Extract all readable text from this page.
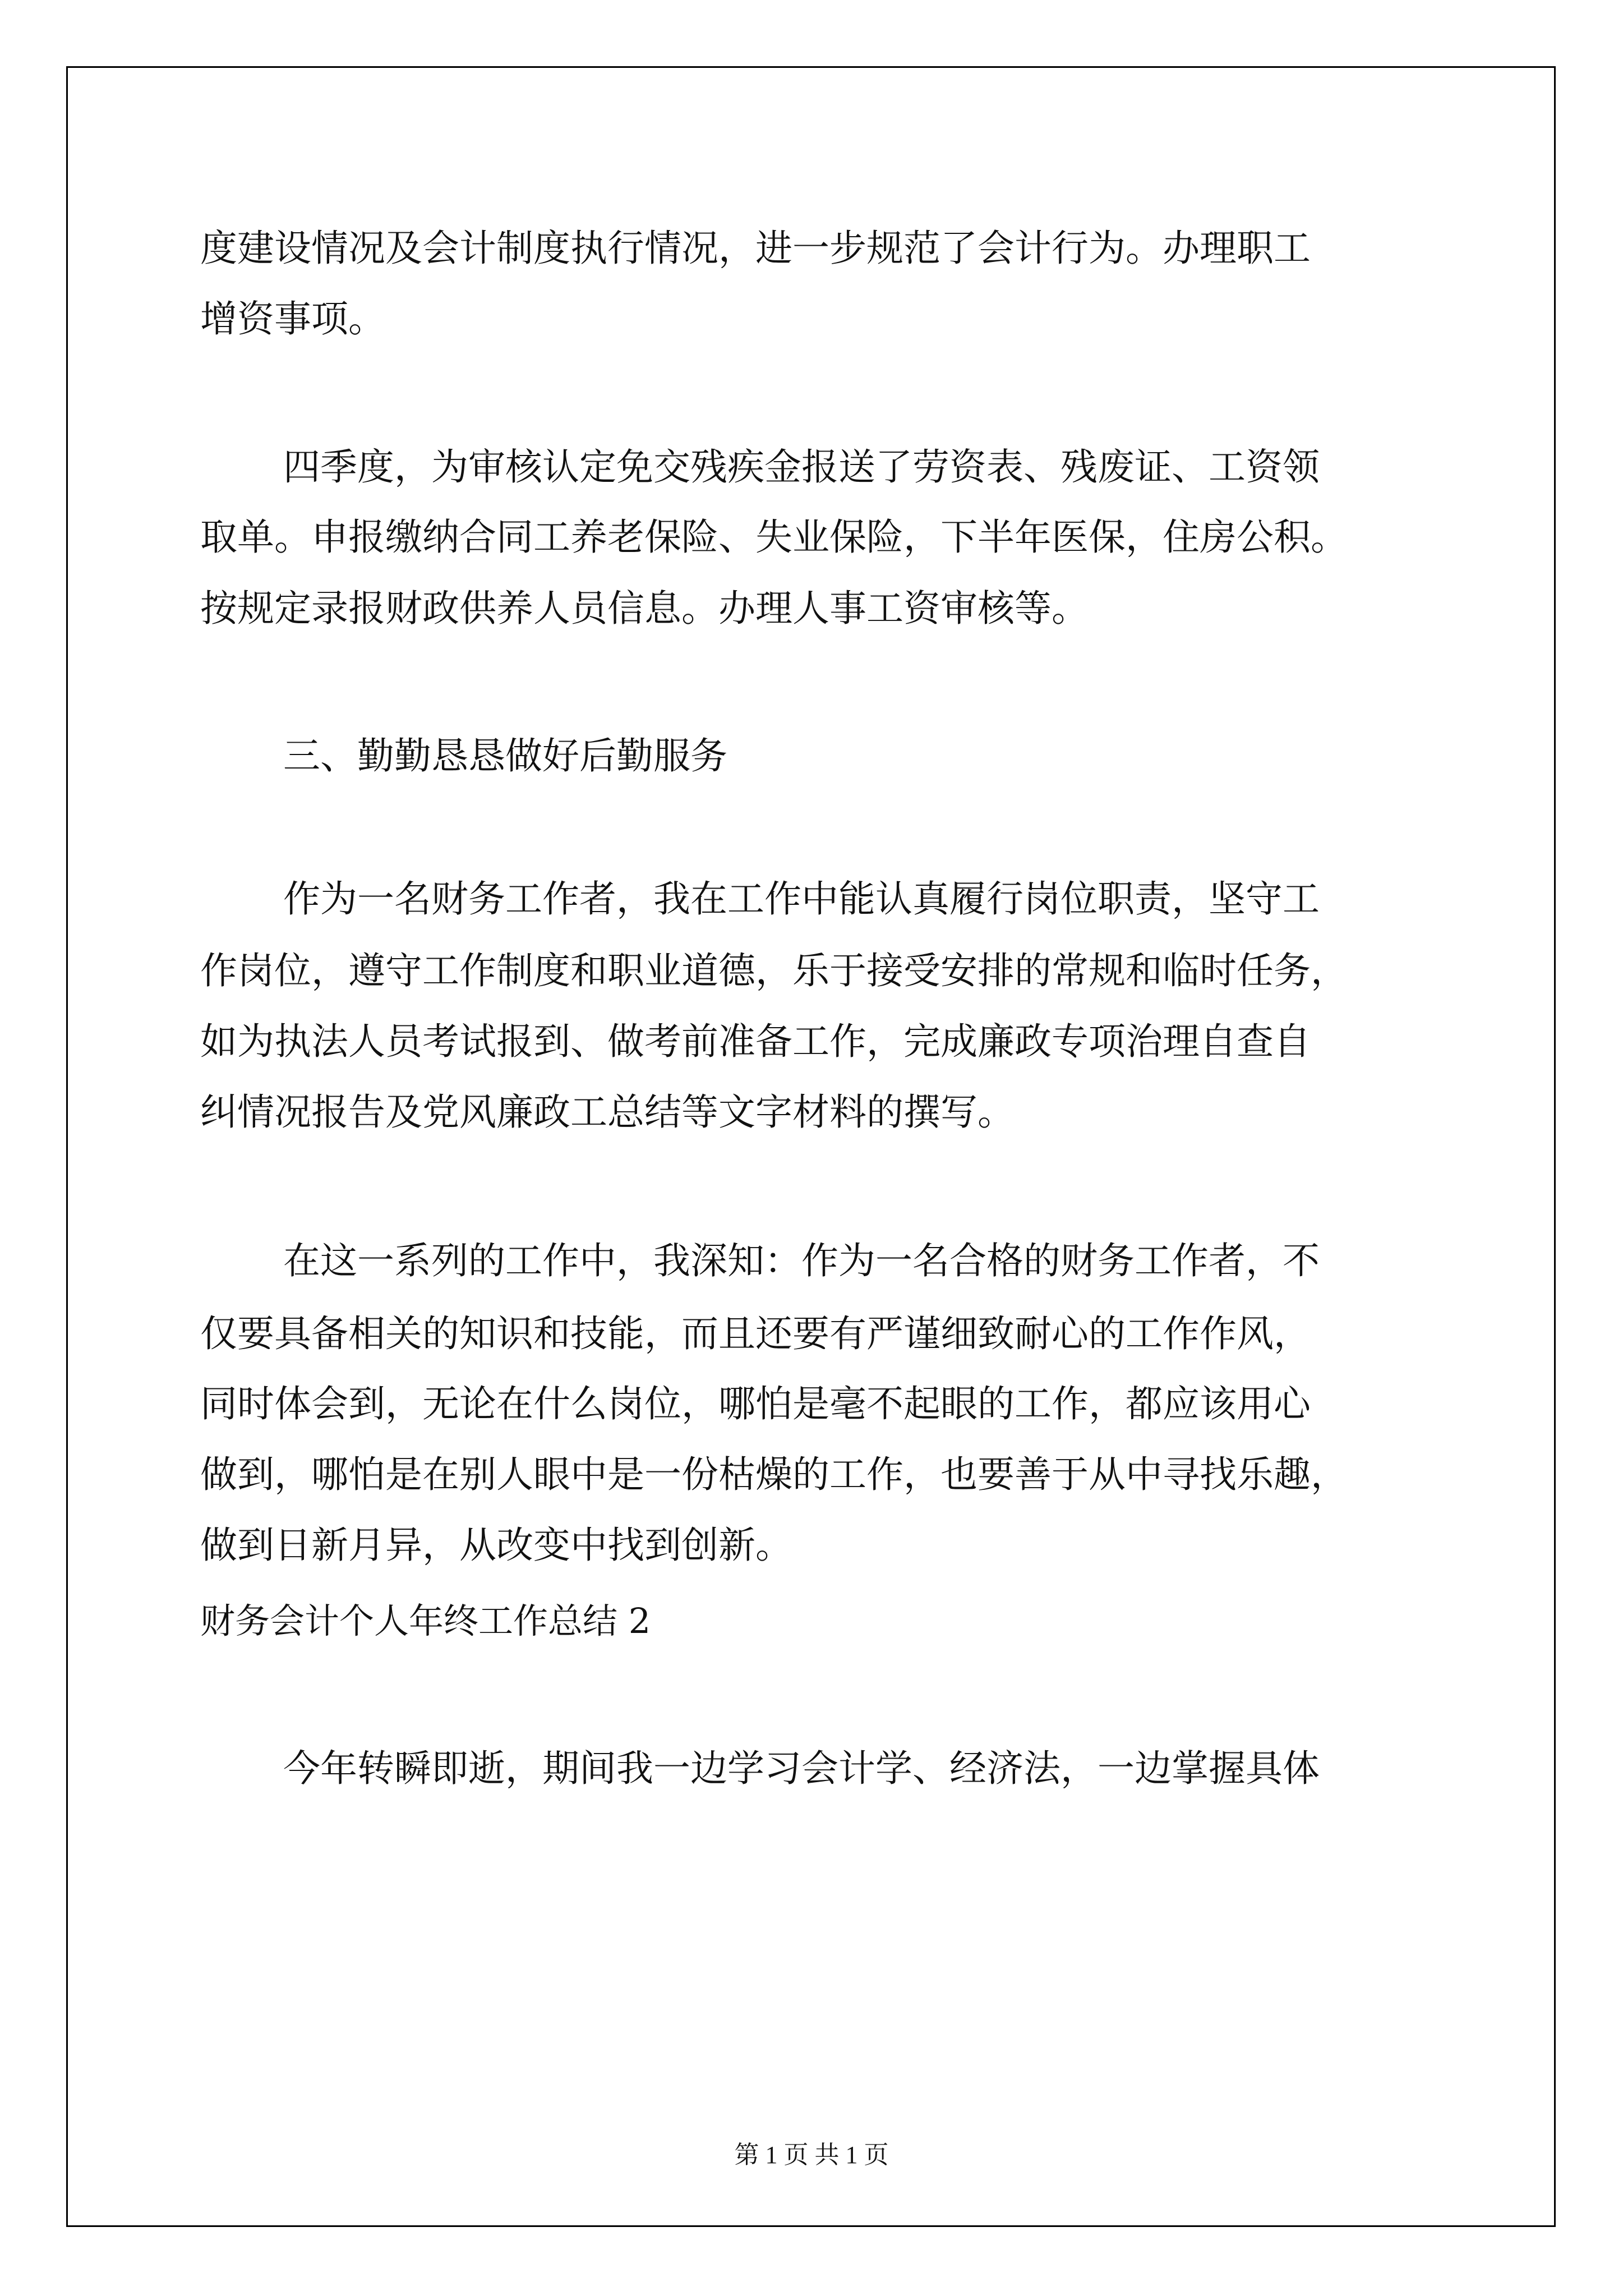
度建设情况及会计制度执行情况，进一步规范了会计行为。办理职工
增资事项。
四季度，为审核认定免交残疾金报送了劳资表、残废证、工资领
取单。申报缴纳合同工养老保险、失业保险，下半年医保，住房公积。
按规定录报财政供养人员信息。办理人事工资审核等。
三、勤勤恳恳做好后勤服务
作为一名财务工作者，我在工作中能认真履行岗位职责，坚守工
作岗位，遵守工作制度和职业道德，乐于接受安排的常规和临时任务，
如为执法人员考试报到、做考前准备工作，完成廉政专项治理自查自
纠情况报告及党风廉政工总结等文字材料的撰写。
在这一系列的工作中，我深知：作为一名合格的财务工作者，不
仅要具备相关的知识和技能，而且还要有严谨细致耐心的工作作风，
同时体会到，无论在什么岗位，哪怕是毫不起眼的工作，都应该用心
做到，哪怕是在别人眼中是一份枯燥的工作，也要善于从中寻找乐趣，
做到日新月异，从改变中找到创新。
财务会计个人年终工作总结 2
今年转瞬即逝，期间我一边学习会计学、经济法，一边掌握具体
第 1 页 共 1 页
